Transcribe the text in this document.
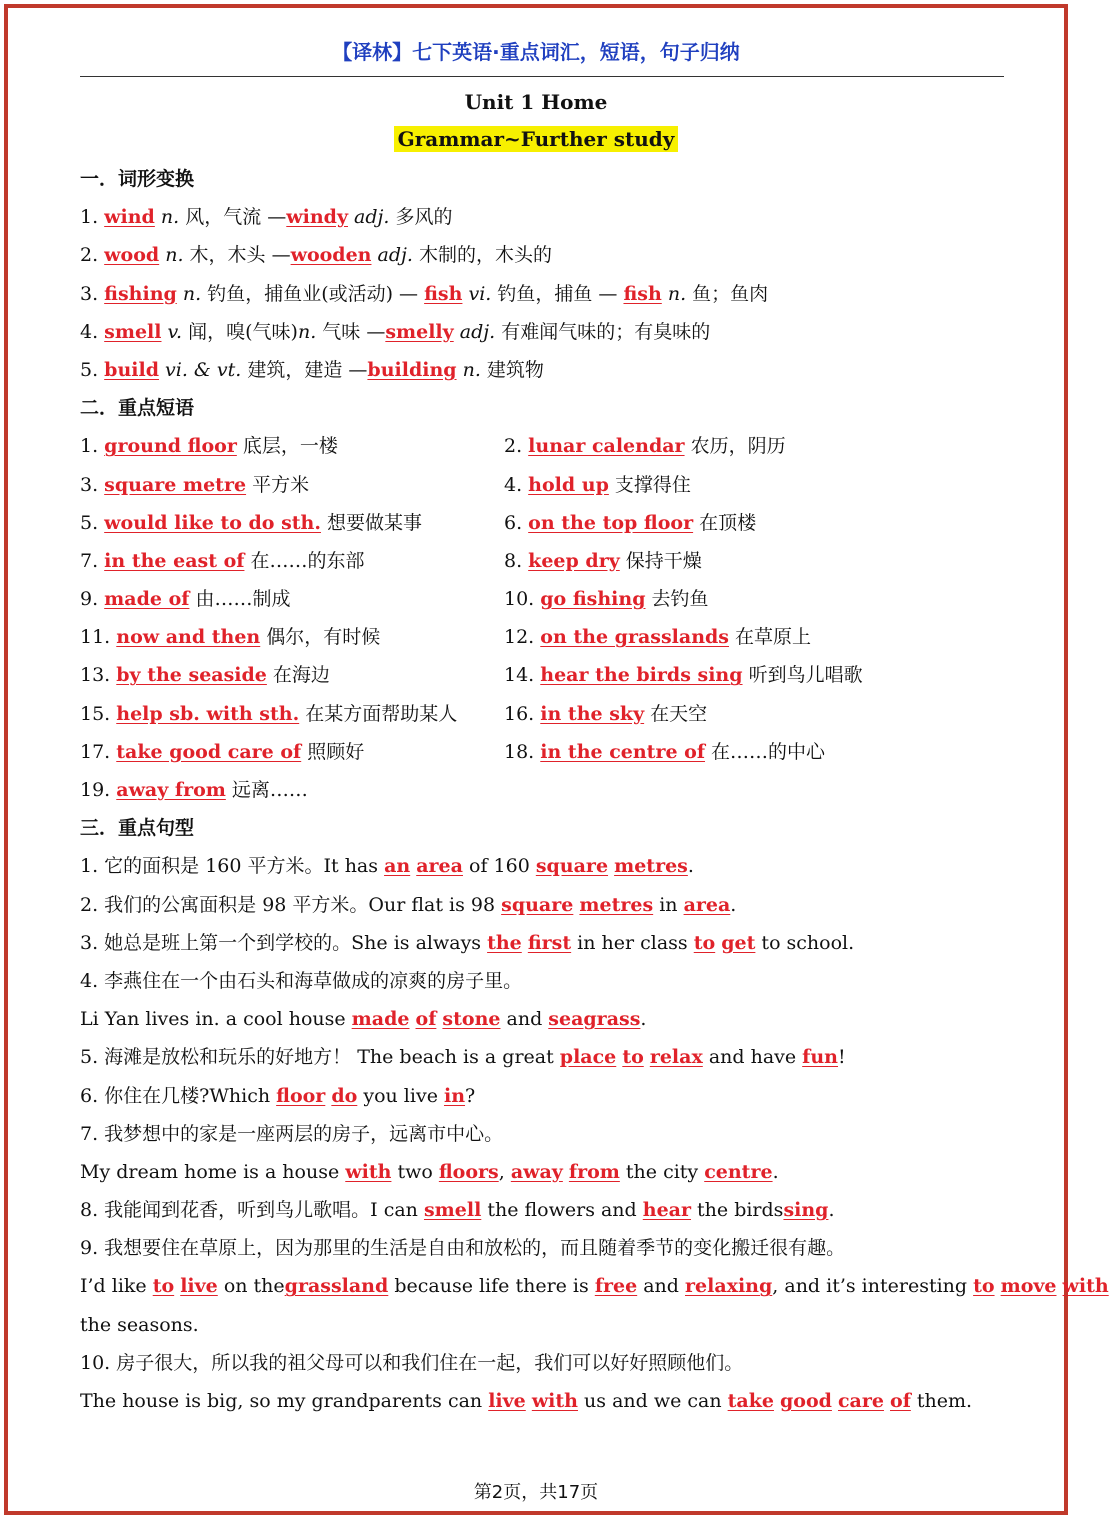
【译林】七下英语·重点词汇，短语，句子归纳
Unit 1 Home
Grammar~Further study
一．词形变换
1. wind n. 风，气流 —windy adj. 多风的
2. wood n. 木，木头 —wooden adj. 木制的，木头的
3. fishing n. 钓鱼，捕鱼业(或活动) — fish vi. 钓鱼，捕鱼 — fish n. 鱼；鱼肉
4. smell v. 闻，嗅(气味)n. 气味 —smelly adj. 有难闻气味的；有臭味的
5. build vi. & vt. 建筑，建造 —building n. 建筑物
二．重点短语
1. ground floor 底层，一楼	2. lunar calendar 农历，阴历
3. square metre 平方米	4. hold up 支撑得住
5. would like to do sth. 想要做某事	6. on the top floor 在顶楼
7. in the east of 在……的东部	8. keep dry 保持干燥
9. made of 由……制成	10. go fishing 去钓鱼
11. now and then 偶尔，有时候	12. on the grasslands 在草原上
13. by the seaside 在海边	14. hear the birds sing 听到鸟儿唱歌
15. help sb. with sth. 在某方面帮助某人	16. in the sky 在天空
17. take good care of 照顾好	18. in the centre of 在……的中心
19. away from 远离……
三．重点句型
1. 它的面积是 160 平方米。It has an area of 160 square metres.
2. 我们的公寓面积是 98 平方米。Our flat is 98 square metres in area.
3. 她总是班上第一个到学校的。She is always the first in her class to get to school.
4. 李燕住在一个由石头和海草做成的凉爽的房子里。
Li Yan lives in. a cool house made of stone and seagrass.
5. 海滩是放松和玩乐的好地方！ The beach is a great place to relax and have fun!
6. 你住在几楼?Which floor do you live in?
7. 我梦想中的家是一座两层的房子，远离市中心。
My dream home is a house with two floors, away from the city centre.
8. 我能闻到花香，听到鸟儿歌唱。I can smell the flowers and hear the birdssing.
9. 我想要住在草原上，因为那里的生活是自由和放松的，而且随着季节的变化搬迁很有趣。
I’d like to live on thegrassland because life there is free and relaxing, and it’s interesting to move with
the seasons.
10. 房子很大，所以我的祖父母可以和我们住在一起，我们可以好好照顾他们。
The house is big, so my grandparents can live with us and we can take good care of them.
第2页，共17页
